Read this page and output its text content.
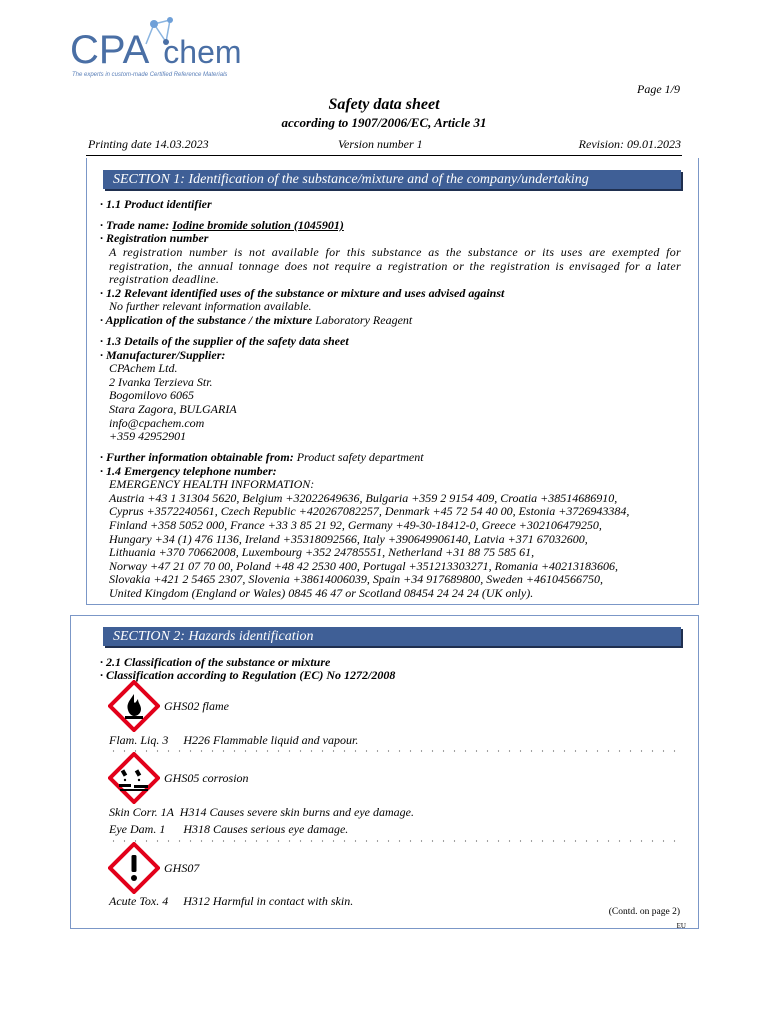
CPA chem
The experts in custom-made Certified Reference Materials
Page 1/9
Safety data sheet
according to 1907/2006/EC, Article 31
Printing date 14.03.2023	Version number 1	Revision: 09.01.2023
SECTION 1: Identification of the substance/mixture and of the company/undertaking
· 1.1 Product identifier
· Trade name: Iodine bromide solution (1045901)
· Registration number
A registration number is not available for this substance as the substance or its uses are exempted for registration, the annual tonnage does not require a registration or the registration is envisaged for a later registration deadline.
· 1.2 Relevant identified uses of the substance or mixture and uses advised against
No further relevant information available.
· Application of the substance / the mixture Laboratory Reagent
· 1.3 Details of the supplier of the safety data sheet
· Manufacturer/Supplier:
CPAchem Ltd.
2 Ivanka Terzieva Str.
Bogomilovo 6065
Stara Zagora, BULGARIA
info@cpachem.com
+359 42952901
· Further information obtainable from: Product safety department
· 1.4 Emergency telephone number:
EMERGENCY HEALTH INFORMATION:
Austria +43 1 31304 5620, Belgium +32022649636, Bulgaria +359 2 9154 409, Croatia +38514686910,
Cyprus +3572240561, Czech Republic +420267082257, Denmark +45 72 54 40 00, Estonia +3726943384,
Finland +358 5052 000, France +33 3 85 21 92, Germany +49-30-18412-0, Greece +302106479250,
Hungary +34 (1) 476 1136, Ireland +35318092566, Italy +390649906140, Latvia +371 67032600,
Lithuania +370 70662008, Luxembourg +352 24785551, Netherland +31 88 75 585 61,
Norway +47 21 07 70 00, Poland +48 42 2530 400, Portugal +351213303271, Romania +40213183606,
Slovakia +421 2 5465 2307, Slovenia +38614006039, Spain +34 917689800, Sweden +46104566750,
United Kingdom (England or Wales) 0845 46 47 or Scotland 08454 24 24 24 (UK only).
SECTION 2: Hazards identification
· 2.1 Classification of the substance or mixture
· Classification according to Regulation (EC) No 1272/2008
GHS02 flame
Flam. Liq. 3     H226 Flammable liquid and vapour.
GHS05 corrosion
Skin Corr. 1A  H314 Causes severe skin burns and eye damage.
Eye Dam. 1      H318 Causes serious eye damage.
GHS07
Acute Tox. 4     H312 Harmful in contact with skin.
(Contd. on page 2)
EU
